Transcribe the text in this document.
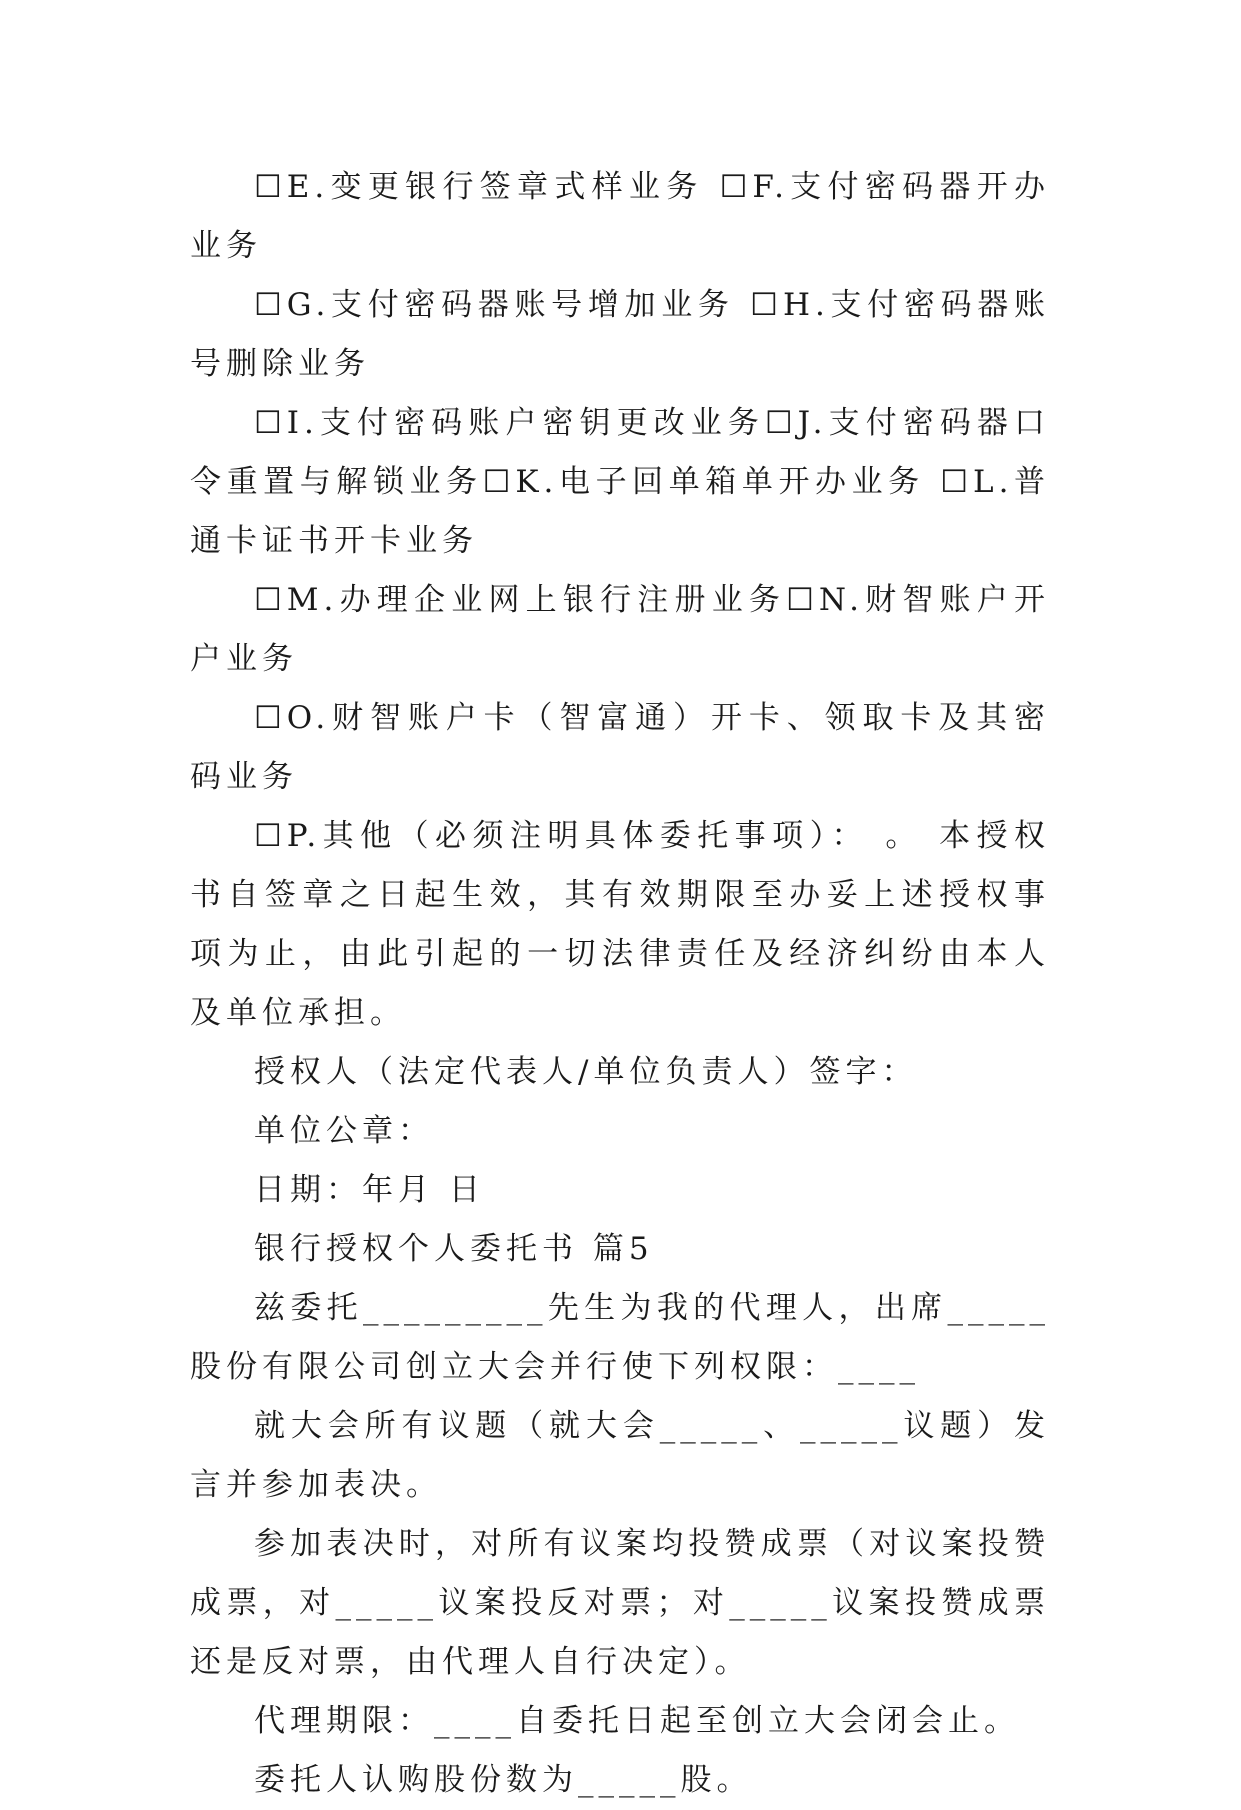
☐E.变更银行签章式样业务 ☐F.支付密码器开办业务

☐G.支付密码器账号增加业务 ☐H.支付密码器账号删除业务

☐I.支付密码账户密钥更改业务☐J.支付密码器口令重置与解锁业务☐K.电子回单箱单开办业务 ☐L.普通卡证书开卡业务

☐M.办理企业网上银行注册业务☐N.财智账户开户业务

☐O.财智账户卡（智富通）开卡、领取卡及其密码业务

☐P.其他（必须注明具体委托事项）： 。 本授权书自签章之日起生效，其有效期限至办妥上述授权事项为止，由此引起的一切法律责任及经济纠纷由本人及单位承担。

授权人（法定代表人/单位负责人）签字：

单位公章：

日期：年月 日

银行授权个人委托书 篇5

兹委托_________先生为我的代理人，出席_____股份有限公司创立大会并行使下列权限：____

就大会所有议题（就大会_____、_____议题）发言并参加表决。

参加表决时，对所有议案均投赞成票（对议案投赞成票，对_____议案投反对票；对_____议案投赞成票还是反对票，由代理人自行决定）。

代理期限：____自委托日起至创立大会闭会止。

委托人认购股份数为_____股。
